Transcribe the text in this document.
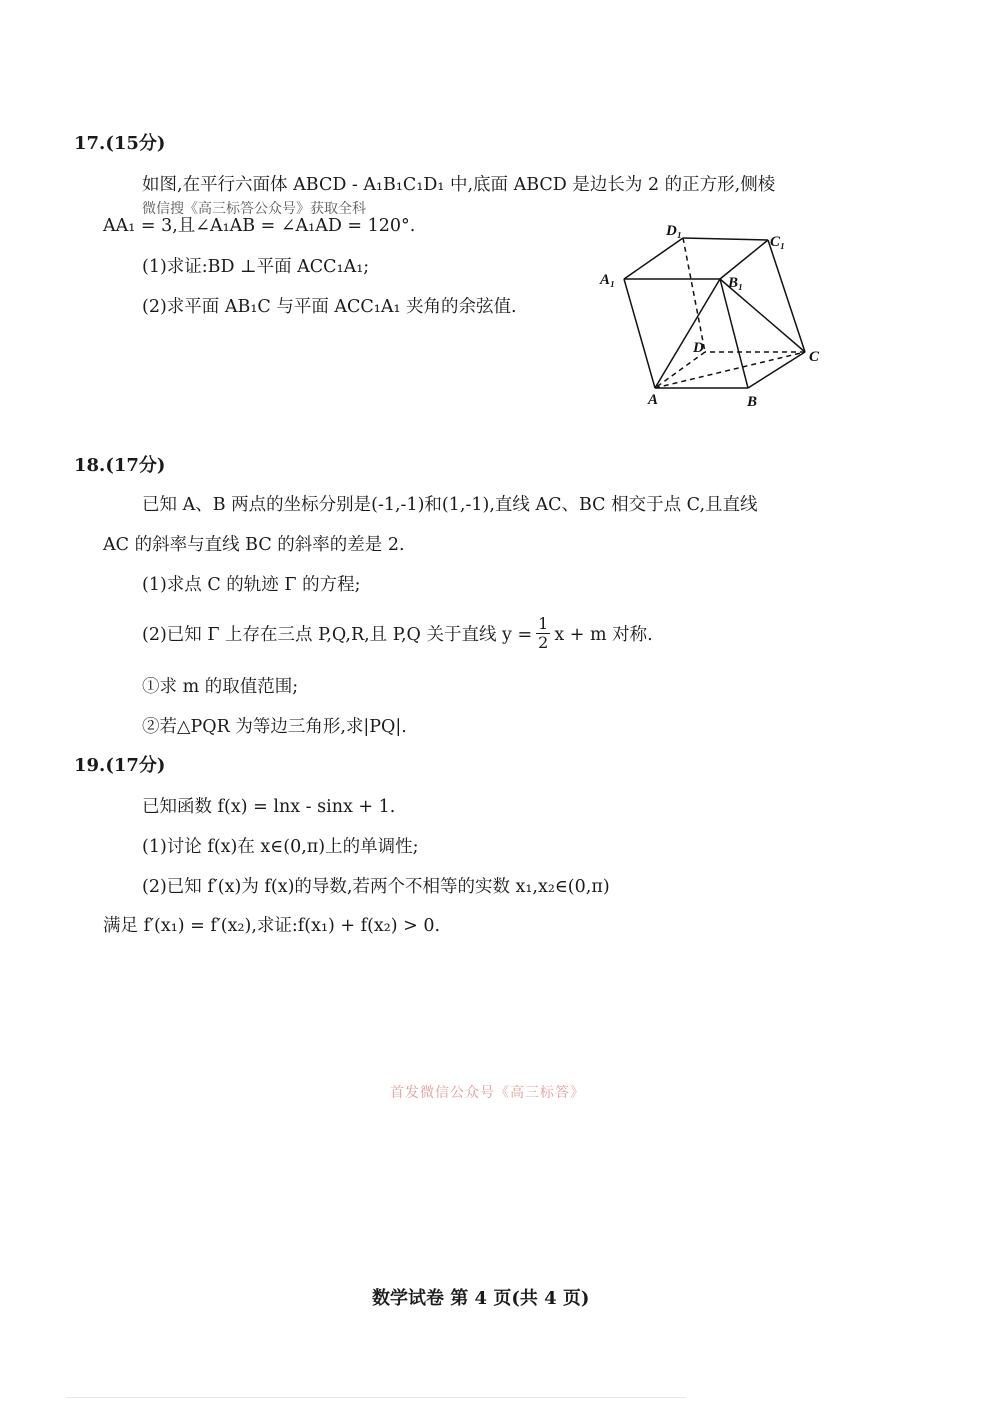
17.(15分)
如图,在平行六面体 ABCD - A₁B₁C₁D₁ 中,底面 ABCD 是边长为 2 的正方形,侧棱
微信搜《高三标答公众号》获取全科
AA₁ = 3,且∠A₁AB = ∠A₁AD = 120°.
(1)求证:BD ⊥平面 ACC₁A₁;
(2)求平面 AB₁C 与平面 ACC₁A₁ 夹角的余弦值.
D₁
C₁
A₁	B₁
D
C
A	B
18.(17分)
已知 A、B 两点的坐标分别是(-1,-1)和(1,-1),直线 AC、BC 相交于点 C,且直线
AC 的斜率与直线 BC 的斜率的差是 2.
(1)求点 C 的轨迹 Γ 的方程;
(2)已知 Γ 上存在三点 P,Q,R,且 P,Q 关于直线 $y = \frac{1}{2}$ x + m 对称.
①求 m 的取值范围;
②若△PQR 为等边三角形,求|PQ|.
19.(17分)
已知函数 f(x) = lnx - sinx + 1.
(1)讨论 f(x)在 x∈(0,π)上的单调性;
(2)已知 f′(x)为 f(x)的导数,若两个不相等的实数 x₁,x₂∈(0,π)
满足 f′(x₁) = f′(x₂),求证:f(x₁) + f(x₂) > 0.
首发微信公众号《高三标答》
数学试卷 第 4 页(共 4 页)
